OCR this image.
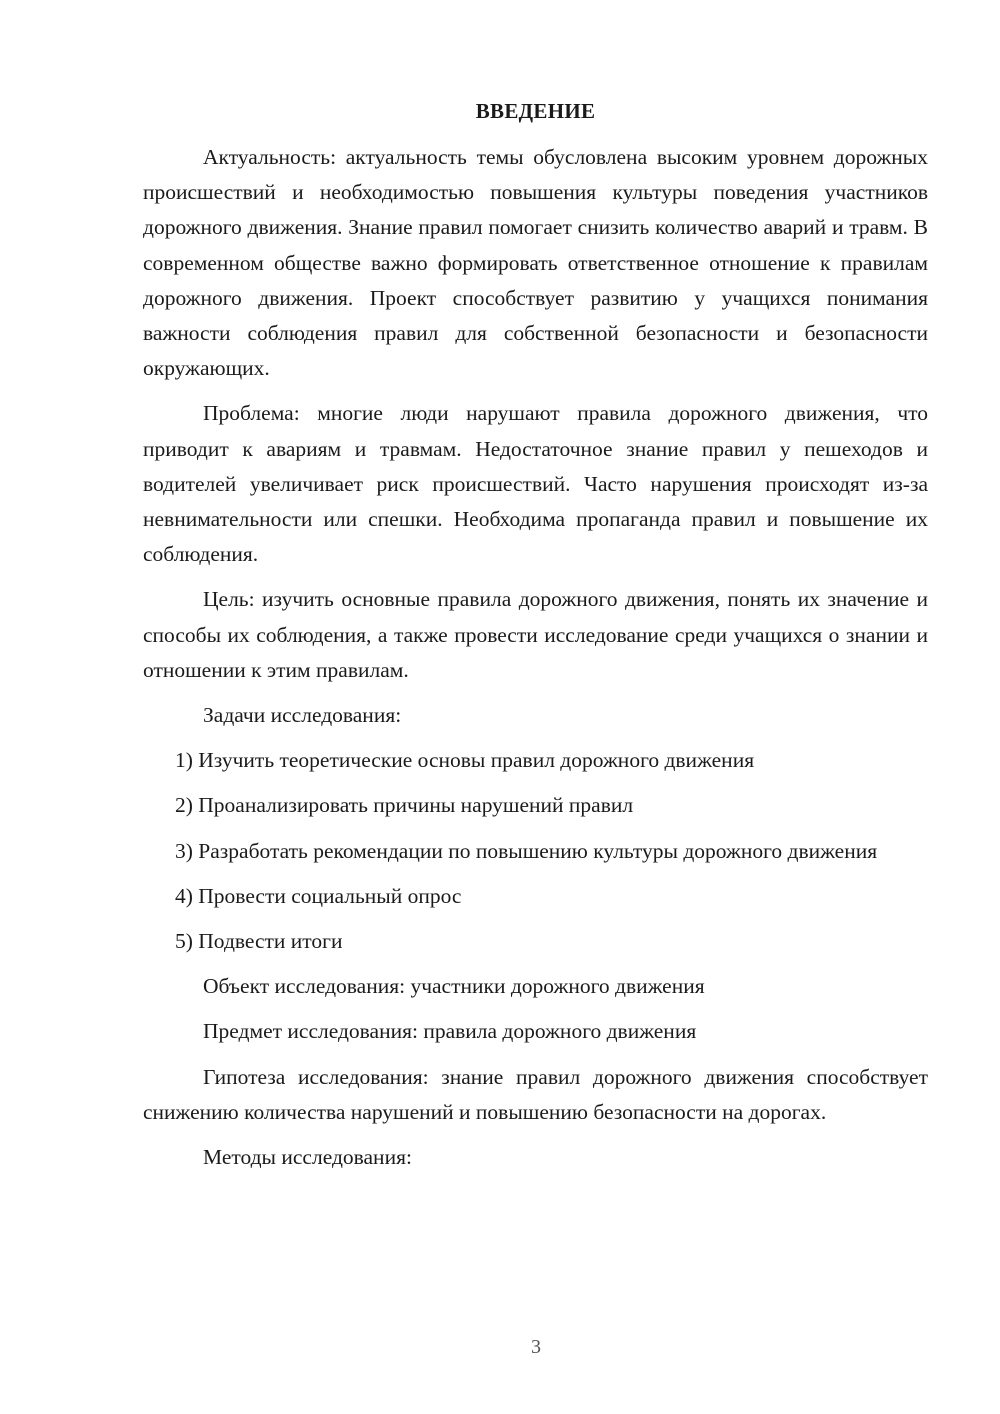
ВВЕДЕНИЕ

Актуальность: актуальность темы обусловлена высоким уровнем дорожных происшествий и необходимостью повышения культуры поведения участников дорожного движения. Знание правил помогает снизить количество аварий и травм. В современном обществе важно формировать ответственное отношение к правилам дорожного движения. Проект способствует развитию у учащихся понимания важности соблюдения правил для собственной безопасности и безопасности окружающих.

Проблема: многие люди нарушают правила дорожного движения, что приводит к авариям и травмам. Недостаточное знание правил у пешеходов и водителей увеличивает риск происшествий. Часто нарушения происходят из-за невнимательности или спешки. Необходима пропаганда правил и повышение их соблюдения.

Цель: изучить основные правила дорожного движения, понять их значение и способы их соблюдения, а также провести исследование среди учащихся о знании и отношении к этим правилам.

Задачи исследования:

1) Изучить теоретические основы правил дорожного движения

2) Проанализировать причины нарушений правил

3) Разработать рекомендации по повышению культуры дорожного движения

4) Провести социальный опрос

5) Подвести итоги

Объект исследования: участники дорожного движения

Предмет исследования: правила дорожного движения

Гипотеза исследования: знание правил дорожного движения способствует снижению количества нарушений и повышению безопасности на дорогах.

Методы исследования:

3
